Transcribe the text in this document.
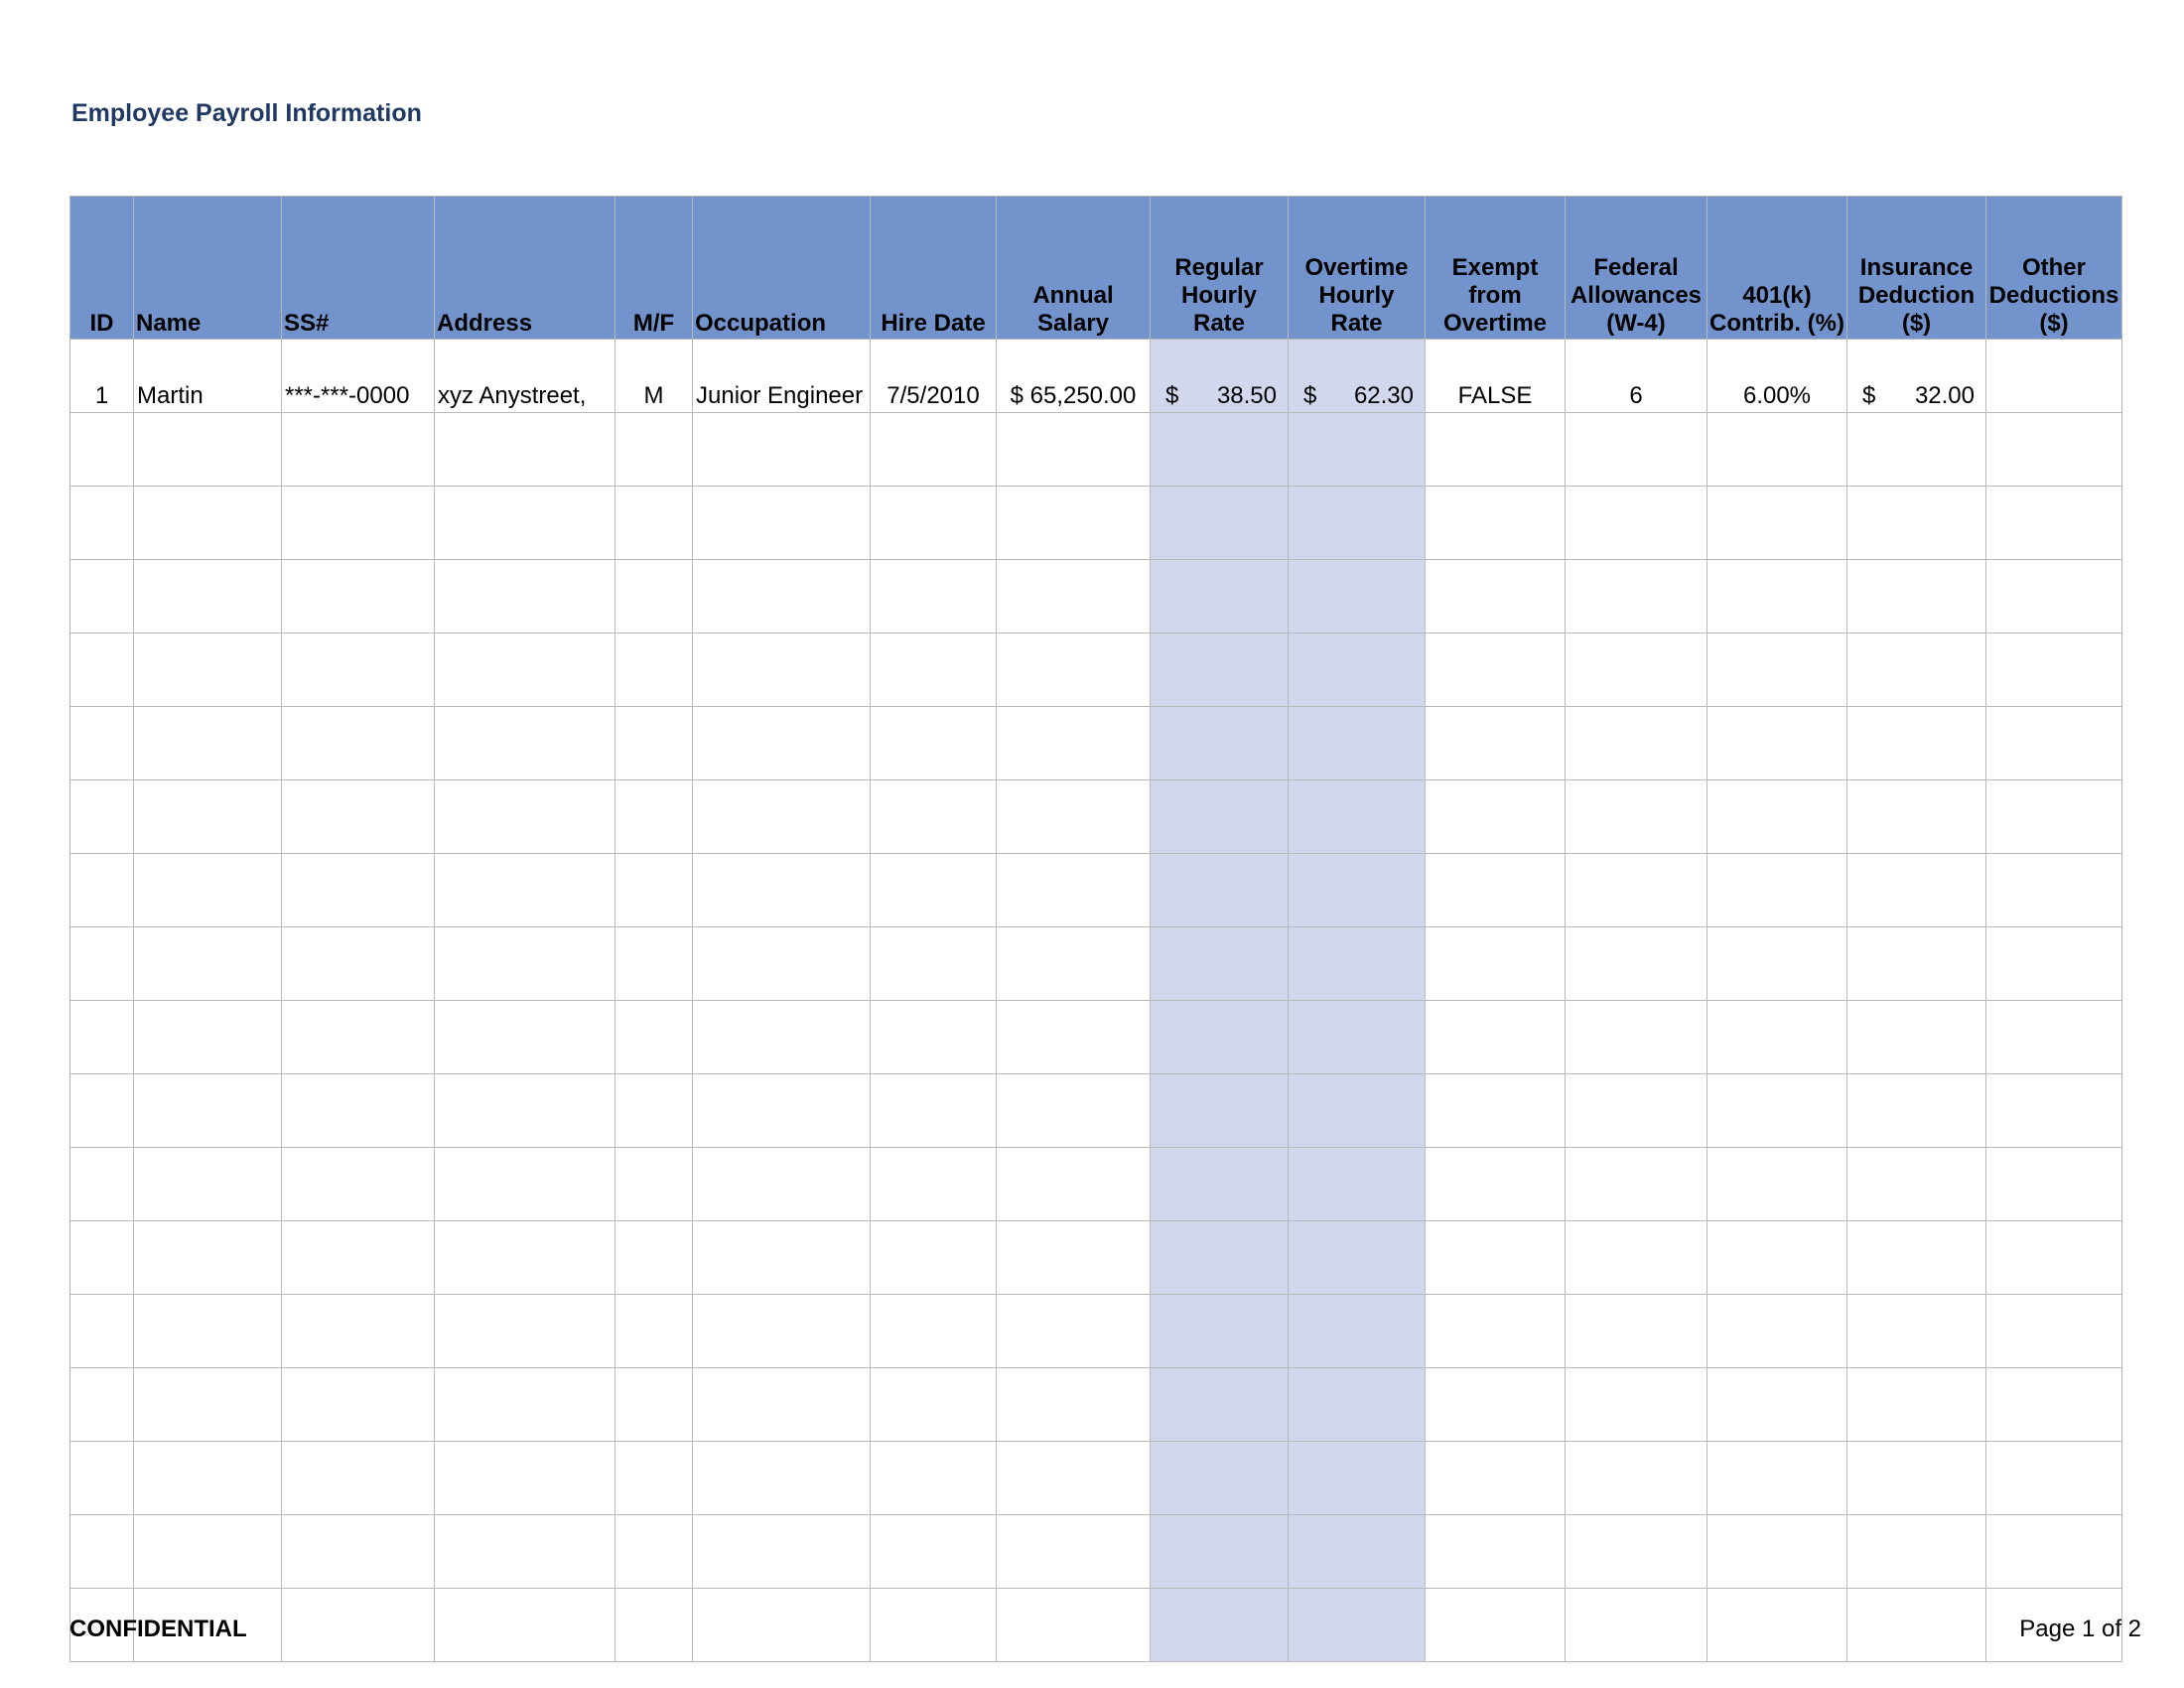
Employee Payroll Information
ID	Name	SS#	Address	M/F	Occupation	Hire Date	Annual Salary	Regular Hourly Rate	Overtime Hourly Rate	Exempt from Overtime	Federal Allowances (W-4)	401(k) Contrib. (%)	Insurance Deduction ($)	Other Deductions ($)
1	Martin	***-***-0000	xyz Anystreet,	M	Junior Engineer	7/5/2010	$ 65,250.00	$ 38.50	$ 62.30	FALSE	6	6.00%	$ 32.00	

CONFIDENTIAL	Page 1 of 2
